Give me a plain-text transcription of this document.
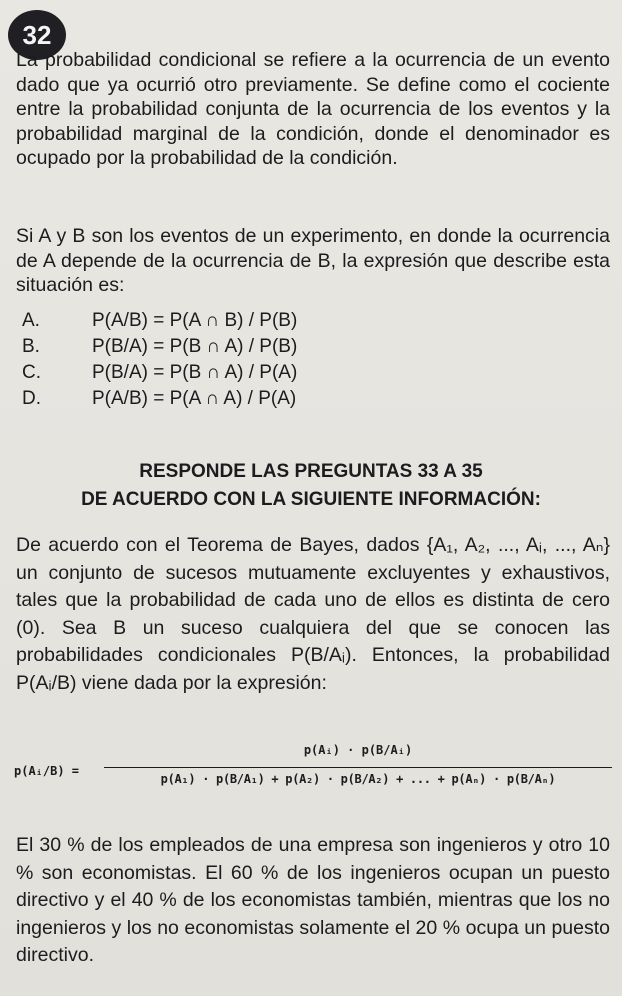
32

La probabilidad condicional se refiere a la ocurrencia de un evento dado que ya ocurrió otro previamente. Se define como el cociente entre la probabilidad conjunta de la ocurrencia de los eventos y la probabilidad marginal de la condición, donde el denominador es ocupado por la probabilidad de la condición.

Si A y B son los eventos de un experimento, en donde la ocurrencia de A depende de la ocurrencia de B, la expresión que describe esta situación es:

A.	P(A/B) = P(A ∩ B) / P(B)
B.	P(B/A) = P(B ∩ A) / P(B)
C.	P(B/A) = P(B ∩ A) / P(A)
D.	P(A/B) = P(A ∩ A) / P(A)
RESPONDE LAS PREGUNTAS 33 A 35
DE ACUERDO CON LA SIGUIENTE INFORMACIÓN:

De acuerdo con el Teorema de Bayes, dados {A₁, A₂, ..., Aᵢ, ..., Aₙ} un conjunto de sucesos mutuamente excluyentes y exhaustivos, tales que la probabilidad de cada uno de ellos es distinta de cero (0). Sea B un suceso cualquiera del que se conocen las probabilidades condicionales P(B/Aᵢ). Entonces, la probabilidad P(Aᵢ/B) viene dada por la expresión:

p(Aᵢ/B) =
p(Aᵢ) · p(B/Aᵢ)
p(A₁) · p(B/A₁) + p(A₂) · p(B/A₂) + ... + p(Aₙ) · p(B/Aₙ)

El 30 % de los empleados de una empresa son ingenieros y otro 10 % son economistas. El 60 % de los ingenieros ocupan un puesto directivo y el 40 % de los economistas también, mientras que los no ingenieros y los no economistas solamente el 20 % ocupa un puesto directivo.
